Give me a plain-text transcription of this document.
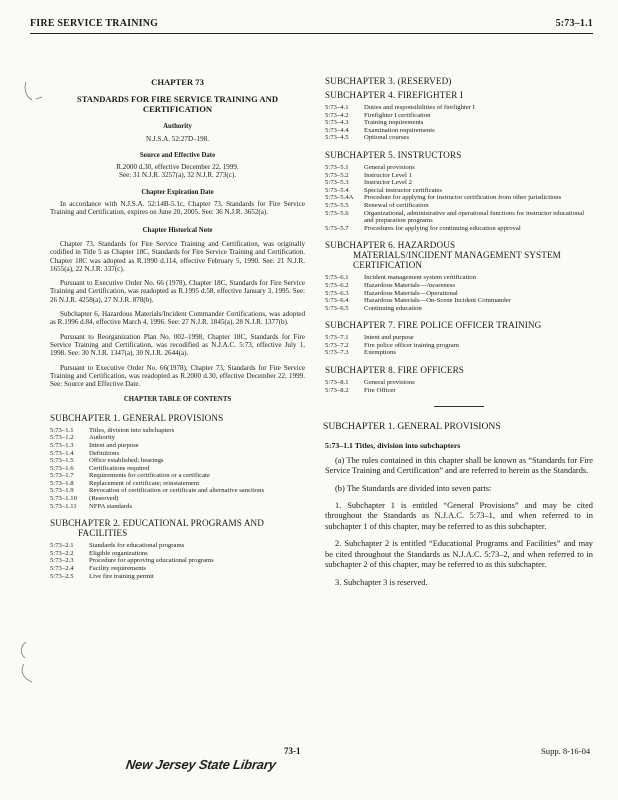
FIRE SERVICE TRAINING	5:73–1.1
CHAPTER 73
STANDARDS FOR FIRE SERVICE TRAINING AND CERTIFICATION
Authority
N.J.S.A. 52:27D–198.
Source and Effective Date
R.2000 d.30, effective December 22, 1999.
See: 31 N.J.R. 3257(a), 32 N.J.R. 273(c).
Chapter Expiration Date
In accordance with N.J.S.A. 52:14B-5.1c, Chapter 73, Standards for Fire Service Training and Certification, expires on June 20, 2005. See: 36 N.J.R. 3652(a).
Chapter Historical Note
Chapter 73, Standards for Fire Service Training and Certification, was originally codified in Title 5 as Chapter 18C, Standards for Fire Service Training and Certification. Chapter 18C was adopted as R.1990 d.114, effective February 5, 1990. See: 21 N.J.R. 1655(a), 22 N.J.R. 337(c).
Pursuant to Executive Order No. 66 (1978), Chapter 18C, Standards for Fire Service Training and Certification, was readopted as R.1995 d.58, effective January 3, 1995. See: 26 N.J.R. 4258(a), 27 N.J.R. 878(b).
Subchapter 6, Hazardous Materials/Incident Commander Certifications, was adopted as R.1996 d.84, effective March 4, 1996. See: 27 N.J.R. 1845(a), 28 N.J.R. 1377(b).
Pursuant to Reorganization Plan No. 002–1998, Chapter 18C, Standards for Fire Service Training and Certification, was recodified as N.J.A.C. 5:73, effective July 1, 1998. See: 30 N.J.R. 1347(a), 30 N.J.R. 2644(a).
Pursuant to Executive Order No. 66(1978), Chapter 73, Standards for Fire Service Training and Certification, was readopted as R.2000 d.30, effective December 22, 1999. See: Source and Effective Date.
CHAPTER TABLE OF CONTENTS
SUBCHAPTER 1. GENERAL PROVISIONS
5:73–1.1	Titles, division into subchapters
5:73–1.2	Authority
5:73–1.3	Intent and purpose
5:73–1.4	Definitions
5:73–1.5	Office established; hearings
5:73–1.6	Certifications required
5:73–1.7	Requirements for certification or a certificate
5:73–1.8	Replacement of certificate; reinstatement
5:73–1.9	Revocation of certification or certificate and alternative sanctions
5:73–1.10	(Reserved)
5:73–1.11	NFPA standards
SUBCHAPTER 2. EDUCATIONAL PROGRAMS AND
FACILITIES
5:73–2.1	Standards for educational programs
5:73–2.2	Eligible organizations
5:73–2.3	Procedure for approving educational programs
5:73–2.4	Facility requirements
5:73–2.5	Live fire training permit
SUBCHAPTER 3. (RESERVED)
SUBCHAPTER 4. FIREFIGHTER I
5:73–4.1	Duties and responsibilities of firefighter I
5:73–4.2	Firefighter I certification
5:73–4.3	Training requirements
5:73–4.4	Examination requirements
5:73–4.5	Optional courses
SUBCHAPTER 5. INSTRUCTORS
5:73–5.1	General provisions
5:73–5.2	Instructor Level 1
5:73–5.3	Instructor Level 2
5:73–5.4	Special instructor certificates
5:73–5.4A	Procedure for applying for instructor certification from other jurisdictions
5:73–5.5	Renewal of certification
5:73–5.6	Organizational, administrative and operational functions for instructor educational and preparation programs
5:73–5.7	Procedures for applying for continuing education approval
SUBCHAPTER 6. HAZARDOUS
MATERIALS/INCIDENT MANAGEMENT SYSTEM
CERTIFICATION
5:73–6.1	Incident management system certification
5:73–6.2	Hazardous Materials—Awareness
5:73–6.3	Hazardous Materials—Operational
5:73–6.4	Hazardous Materials—On-Scene Incident Commander
5:73–6.5	Continuing education
SUBCHAPTER 7. FIRE POLICE OFFICER TRAINING
5:73–7.1	Intent and purpose
5:73–7.2	Fire police officer training program
5:73–7.3	Exemptions
SUBCHAPTER 8. FIRE OFFICERS
5:73–8.1	General provisions
5:73–8.2	Fire Officer
SUBCHAPTER 1. GENERAL PROVISIONS
5:73–1.1 Titles, division into subchapters
(a) The rules contained in this chapter shall be known as “Standards for Fire Service Training and Certification” and are referred to herein as the Standards.
(b) The Standards are divided into seven parts:
1. Subchapter 1 is entitled “General Provisions” and may be cited throughout the Standards as N.J.A.C. 5:73–1, and when referred to in subchapter 1 of this chapter, may be referred to as this subchapter.
2. Subchapter 2 is entitled “Educational Programs and Facilities” and may be cited throughout the Standards as N.J.A.C. 5:73–2, and when referred to in subchapter 2 of this chapter, may be referred to as this subchapter.
3. Subchapter 3 is reserved.
73-1	Supp. 8-16-04
New Jersey State Library
